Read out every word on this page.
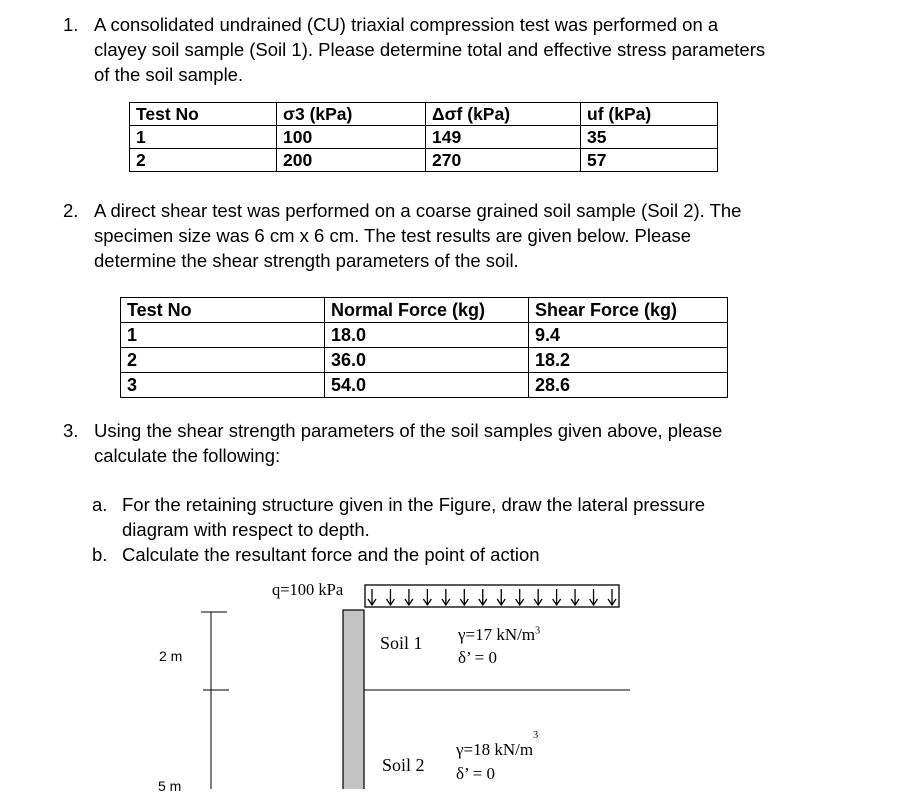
1. A consolidated undrained (CU) triaxial compression test was performed on a
clayey soil sample (Soil 1). Please determine total and effective stress parameters
of the soil sample.
Test No	σ3 (kPa)	Δσf (kPa)	uf (kPa)
1	100	149	35
2	200	270	57
2. A direct shear test was performed on a coarse grained soil sample (Soil 2). The
specimen size was 6 cm x 6 cm. The test results are given below. Please
determine the shear strength parameters of the soil.
Test No	Normal Force (kg)	Shear Force (kg)
1	18.0	9.4
2	36.0	18.2
3	54.0	28.6
3. Using the shear strength parameters of the soil samples given above, please
calculate the following:
a. For the retaining structure given in the Figure, draw the lateral pressure
diagram with respect to depth.
b. Calculate the resultant force and the point of action
q=100 kPa
2 m
5 m
Soil 1 γ=17 $kN/m^3$
δ’ = 0
Soil 2
γ=18 $kN/m^3$
δ’ = 0
